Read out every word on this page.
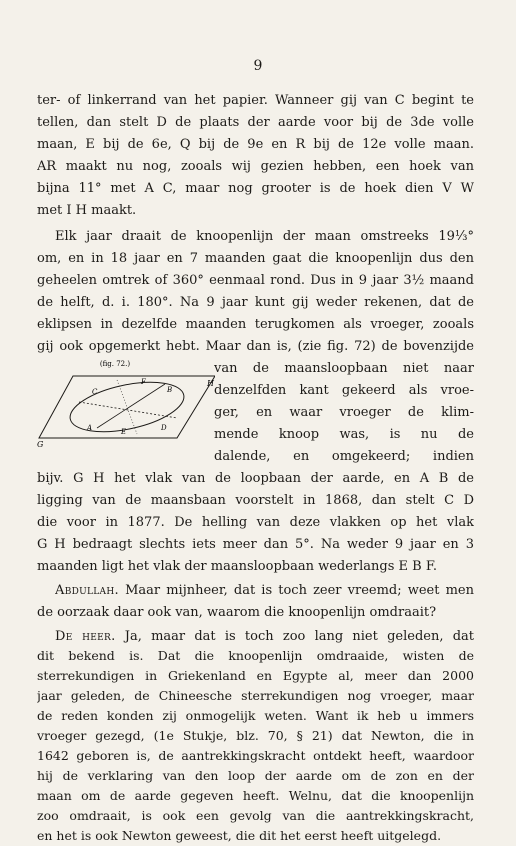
9
ter- of linkerrand van het papier. Wanneer gij van C begint te
tellen, dan stelt D de plaats der aarde voor bij de 3de volle
maan, E bij de 6e, Q bij de 9e en R bij de 12e volle maan.
AR maakt nu nog, zooals wij gezien hebben, een hoek van
bijna 11° met A C, maar nog grooter is de hoek dien V W
met I H maakt.
Elk jaar draait de knoopenlijn der maan omstreeks 19⅓°
om, en in 18 jaar en 7 maanden gaat die knoopenlijn dus den
geheelen omtrek of 360° eenmaal rond. Dus in 9 jaar 3½ maand
de helft, d. i. 180°. Na 9 jaar kunt gij weder rekenen, dat de
eklipsen in dezelfde maanden terugkomen als vroeger, zooals
gij ook opgemerkt hebt. Maar dan is, (zie fig. 72) de bovenzijde
(fig. 72.)
C
F
B
H
A	E	D
G
van de maansloopbaan niet naar
denzelfden kant gekeerd als vroe-
ger, en waar vroeger de klim-
mende knoop was, is nu de
dalende, en omgekeerd; indien
bijv. G H het vlak van de loopbaan der aarde, en A B de
ligging van de maansbaan voorstelt in 1868, dan stelt C D
die voor in 1877. De helling van deze vlakken op het vlak
G H bedraagt slechts iets meer dan 5°. Na weder 9 jaar en 3
maanden ligt het vlak der maansloopbaan wederlangs E B F.
Abdullah. Maar mijnheer, dat is toch zeer vreemd; weet men
de oorzaak daar ook van, waarom die knoopenlijn omdraait?
De heer. Ja, maar dat is toch zoo lang niet geleden, dat
dit bekend is. Dat die knoopenlijn omdraaide, wisten de
sterrekundigen in Griekenland en Egypte al, meer dan 2000
jaar geleden, de Chineesche sterrekundigen nog vroeger, maar
de reden konden zij onmogelijk weten. Want ik heb u immers
vroeger gezegd, (1e Stukje, blz. 70, § 21) dat Newton, die in
1642 geboren is, de aantrekkingskracht ontdekt heeft, waardoor
hij de verklaring van den loop der aarde om de zon en der
maan om de aarde gegeven heeft. Welnu, dat die knoopenlijn
zoo omdraait, is ook een gevolg van die aantrekkingskracht,
en het is ook Newton geweest, die dit het eerst heeft uitgelegd.
